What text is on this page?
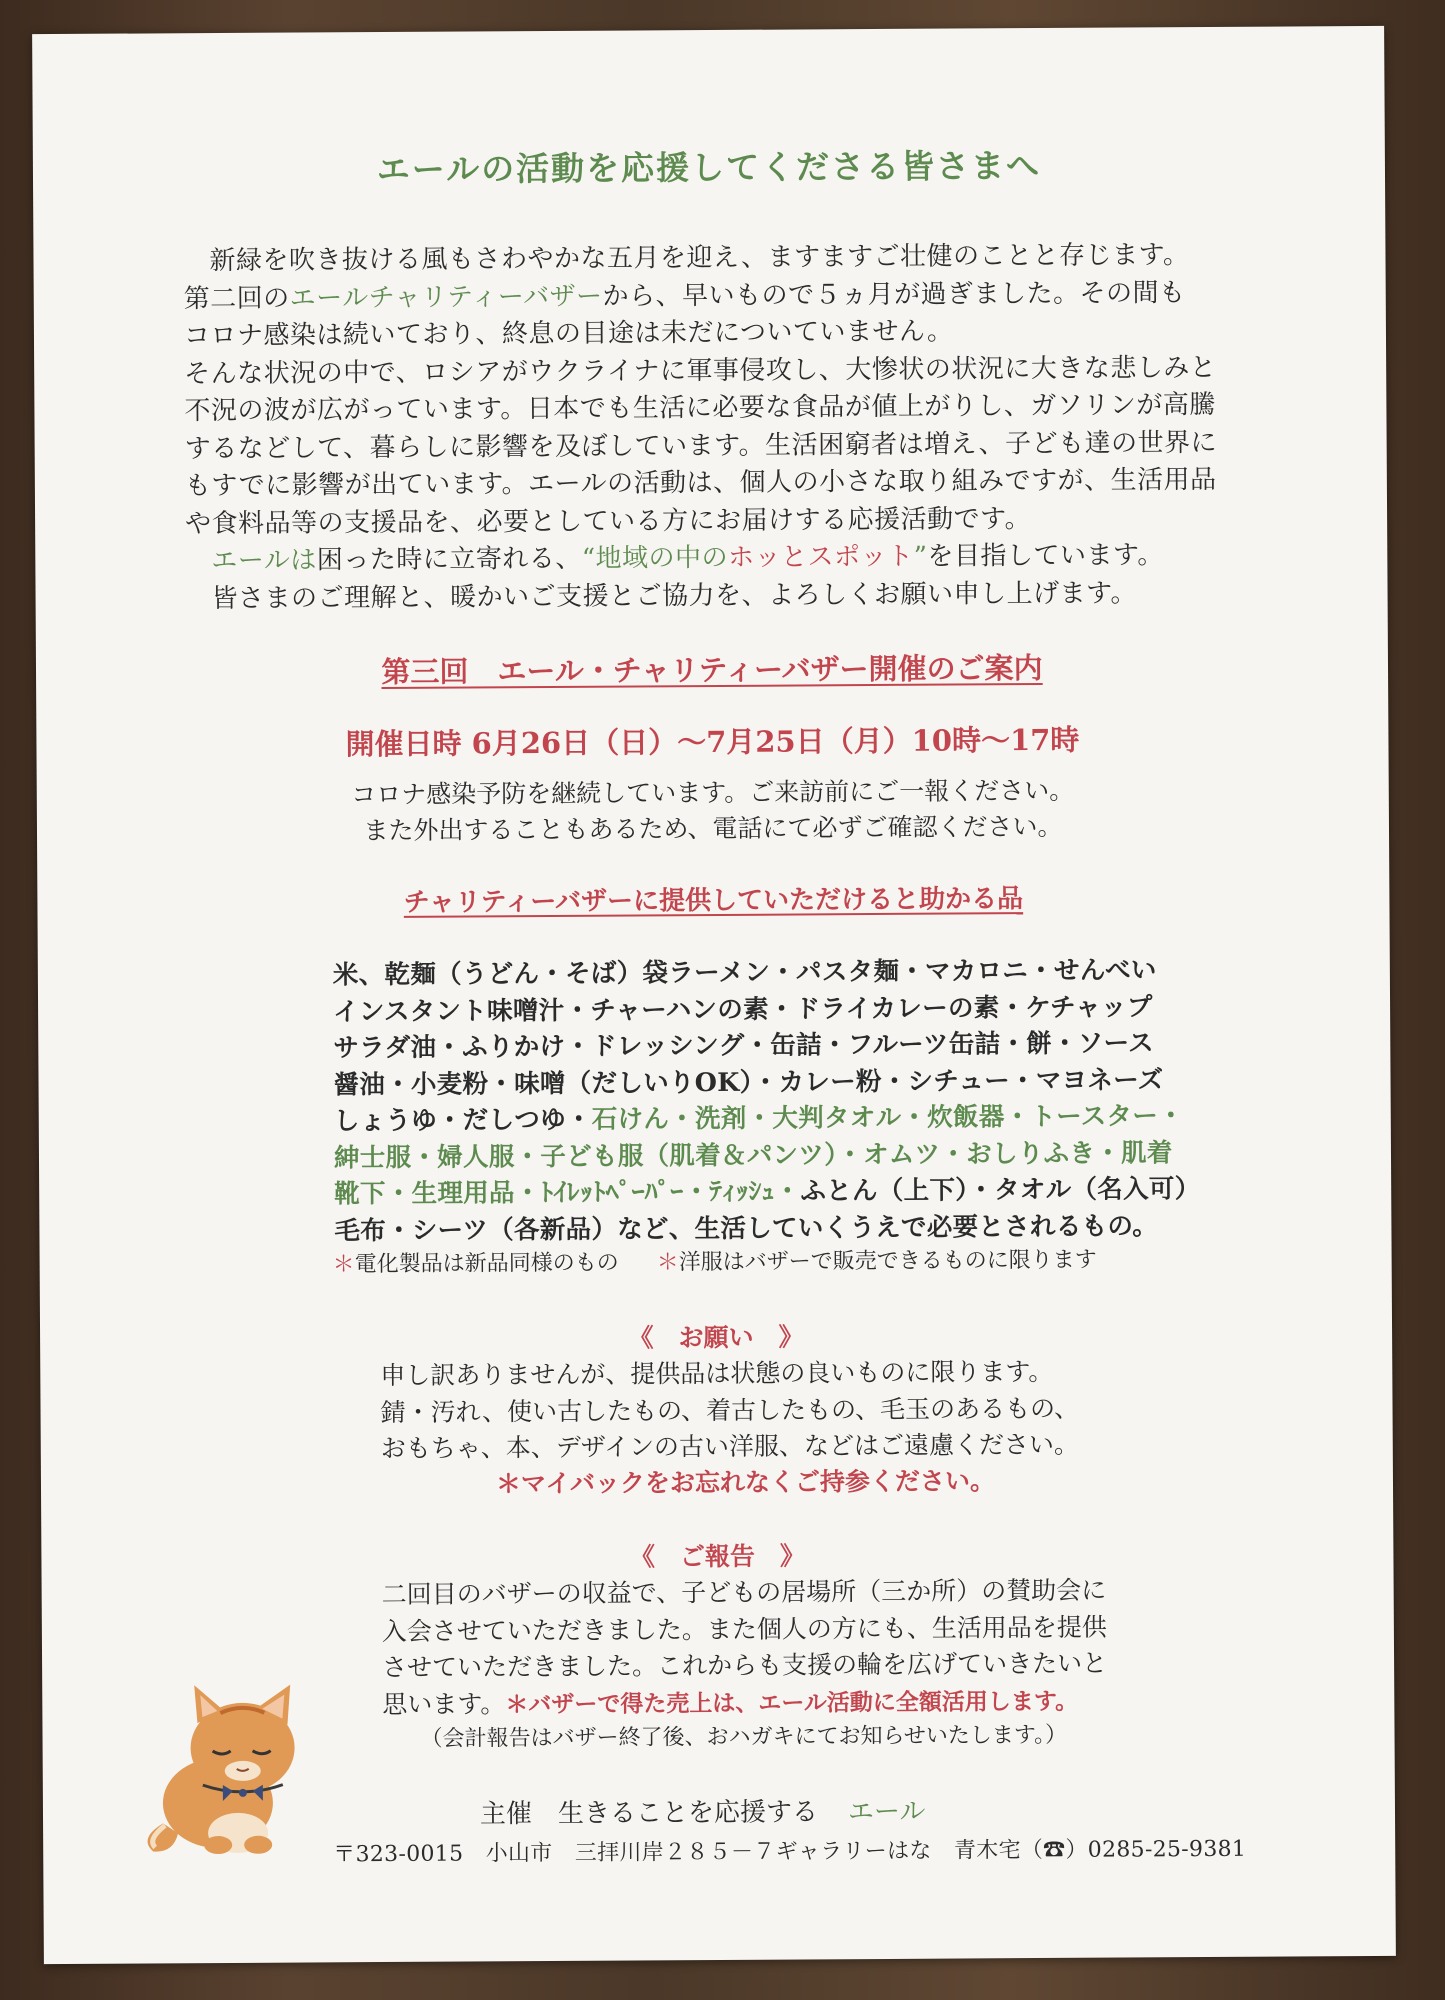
エールの活動を応援してくださる皆さまへ

新緑を吹き抜ける風もさわやかな五月を迎え、ますますご壮健のことと存じます。

第二回のエールチャリティーバザーから、早いもので５ヵ月が過ぎました。その間も

コロナ感染は続いており、終息の目途は未だについていません。

そんな状況の中で、ロシアがウクライナに軍事侵攻し、大惨状の状況に大きな悲しみと

不況の波が広がっています。日本でも生活に必要な食品が値上がりし、ガソリンが高騰

するなどして、暮らしに影響を及ぼしています。生活困窮者は増え、子ども達の世界に

もすでに影響が出ています。エールの活動は、個人の小さな取り組みですが、生活用品

や食料品等の支援品を、必要としている方にお届けする応援活動です。

エールは困った時に立寄れる、“地域の中のホッとスポット”を目指しています。

皆さまのご理解と、暖かいご支援とご協力を、よろしくお願い申し上げます。

第三回　エール・チャリティーバザー開催のご案内
開催日時 6月26日（日）～7月25日（月）10時～17時
コロナ感染予防を継続しています。ご来訪前にご一報ください。
また外出することもあるため、電話にて必ずご確認ください。
チャリティーバザーに提供していただけると助かる品

米、乾麺（うどん・そば）袋ラーメン・パスタ麺・マカロニ・せんべい

インスタント味噌汁・チャーハンの素・ドライカレーの素・ケチャップ

サラダ油・ふりかけ・ドレッシング・缶詰・フルーツ缶詰・餅・ソース

醤油・小麦粉・味噌（だしいりOK）・カレー粉・シチュー・マヨネーズ

しょうゆ・だしつゆ・石けん・洗剤・大判タオル・炊飯器・トースター・

紳士服・婦人服・子ども服（肌着＆パンツ）・オムツ・おしりふき・肌着

靴下・生理用品・ﾄｲﾚｯﾄﾍﾟｰﾊﾟｰ・ﾃｨｯｼｭ・ふとん（上下）・タオル（名入可）

毛布・シーツ（各新品）など、生活していくうえで必要とされるもの。

＊電化製品は新品同様のもの ＊洋服はバザーで販売できるものに限ります
《　お願い　》

申し訳ありませんが、提供品は状態の良いものに限ります。

錆・汚れ、使い古したもの、着古したもの、毛玉のあるもの、

おもちゃ、本、デザインの古い洋服、などはご遠慮ください。

＊マイバックをお忘れなくご持参ください。
《　ご報告　》

二回目のバザーの収益で、子どもの居場所（三か所）の賛助会に

入会させていただきました。また個人の方にも、生活用品を提供

させていただきました。これからも支援の輪を広げていきたいと

思います。＊バザーで得た売上は、エール活動に全額活用します。

（会計報告はバザー終了後、おハガキにてお知らせいたします。）
主催　生きることを応援する エール
〒323‐0015　小山市　三拝川岸２８５－７ギャラリーはな　青木宅（☎）0285-25-9381
